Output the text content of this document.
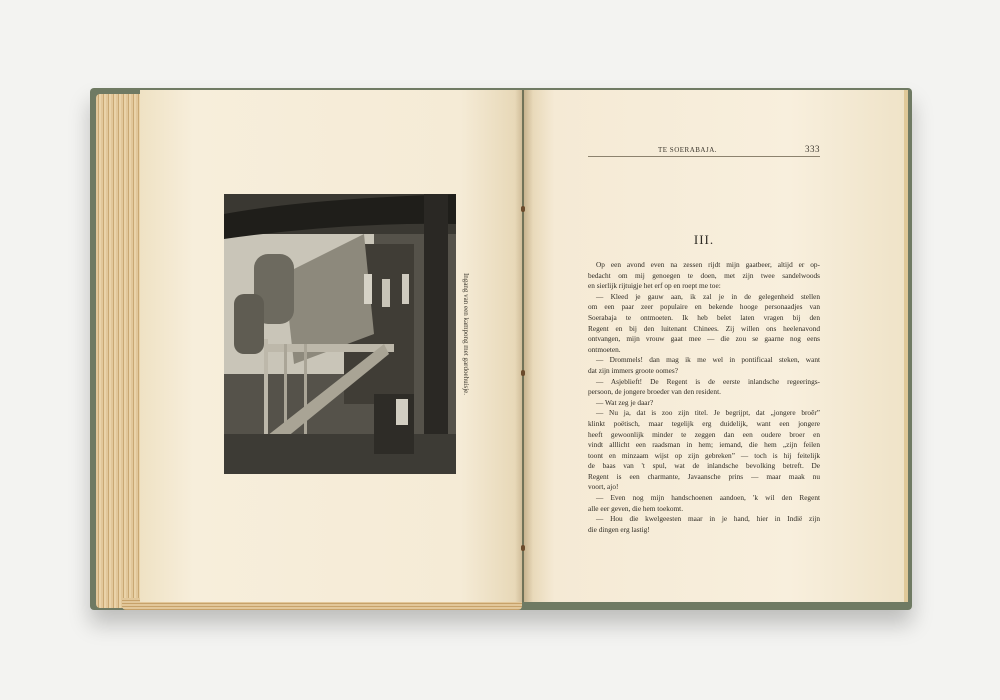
Ingang van een kampong met gardoehuisje.
TE SOERABAJA.	333
III.
Op een avond even na zessen rijdt mijn gaatbeer, altijd er op-
bedacht om mij genoegen te doen, met zijn twee sandelwoods
en sierlijk rijtuigje het erf op en roept me toe:
— Kleed je gauw aan, ik zal je in de gelegenheid stellen
om een paar zeer populaire en bekende hooge personaadjes van
Soerabaja te ontmoeten. Ik heb belet laten vragen bij den
Regent en bij den luitenant Chinees. Zij willen ons heelenavond
ontvangen, mijn vrouw gaat mee — die zou se gaarne nog eens
ontmoeten.
— Drommels! dan mag ik me wel in pontificaal steken, want
dat zijn immers groote oomes?
— Asjeblieft! De Regent is de eerste inlandsche regeerings-
persoon, de jongere broeder van den resident.
— Wat zeg je daar?
— Nu ja, dat is zoo zijn titel. Je begrijpt, dat „jongere broêr”
klinkt poëtisch, maar tegelijk erg duidelijk, want een jongere
heeft gewoonlijk minder te zeggen dan een oudere broer en
vindt alllicht een raadsman in hem; iemand, die hem „zijn feilen
toont en minzaam wijst op zijn gebreken” — toch is hij feitelijk
de baas van 't spul, wat de inlandsche bevolking betreft. De
Regent is een charmante, Javaansche prins — maar maak nu
voort, ajo!
— Even nog mijn handschoenen aandoen, 'k wil den Regent
alle eer geven, die hem toekomt.
— Hou die kwelgeesten maar in je hand, hier in Indië zijn
die dingen erg lastig!
